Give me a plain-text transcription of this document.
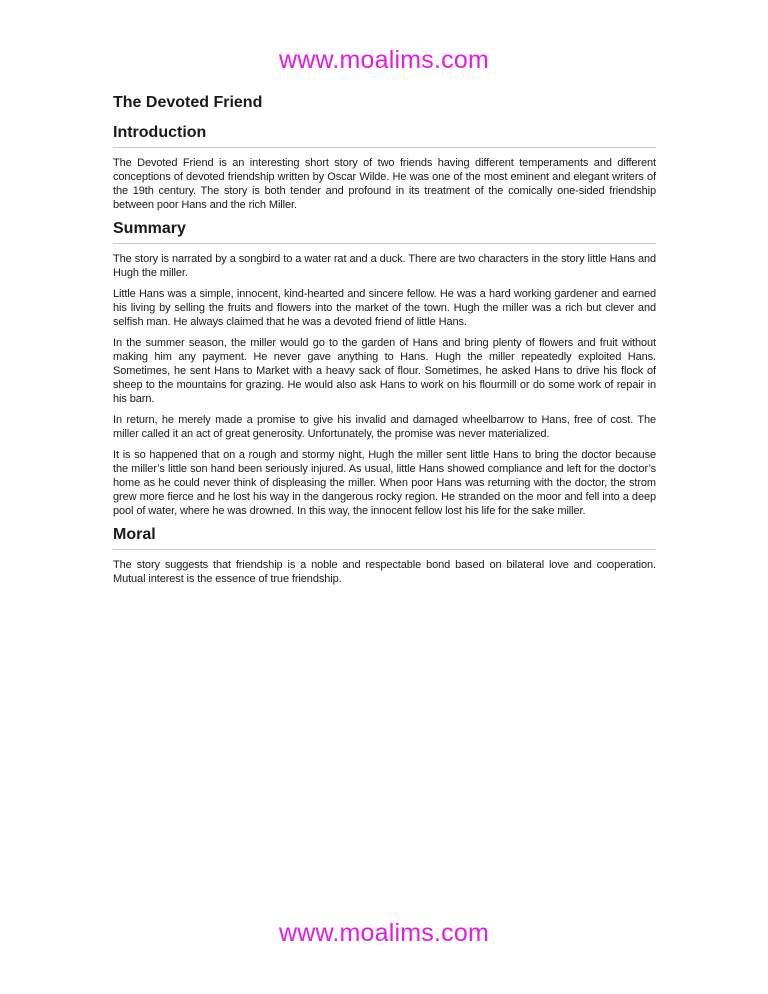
www.moalims.com
The Devoted Friend
Introduction

The Devoted Friend is an interesting short story of two friends having different temperaments and different conceptions of devoted friendship written by Oscar Wilde. He was one of the most eminent and elegant writers of the 19th century. The story is both tender and profound in its treatment of the comically one-sided friendship between poor Hans and the rich Miller.

Summary

The story is narrated by a songbird to a water rat and a duck. There are two characters in the story little Hans and Hugh the miller.

Little Hans was a simple, innocent, kind-hearted and sincere fellow. He was a hard working gardener and earned his living by selling the fruits and flowers into the market of the town. Hugh the miller was a rich but clever and selfish man. He always claimed that he was a devoted friend of little Hans.

In the summer season, the miller would go to the garden of Hans and bring plenty of flowers and fruit without making him any payment. He never gave anything to Hans. Hugh the miller repeatedly exploited Hans. Sometimes, he sent Hans to Market with a heavy sack of flour. Sometimes, he asked Hans to drive his flock of sheep to the mountains for grazing. He would also ask Hans to work on his flourmill or do some work of repair in his barn.

In return, he merely made a promise to give his invalid and damaged wheelbarrow to Hans, free of cost. The miller called it an act of great generosity. Unfortunately, the promise was never materialized.

It is so happened that on a rough and stormy night, Hugh the miller sent little Hans to bring the doctor because the miller’s little son hand been seriously injured. As usual, little Hans showed compliance and left for the doctor’s home as he could never think of displeasing the miller. When poor Hans was returning with the doctor, the strom grew more fierce and he lost his way in the dangerous rocky region. He stranded on the moor and fell into a deep pool of water, where he was drowned. In this way, the innocent fellow lost his life for the sake miller.

Moral

The story suggests that friendship is a noble and respectable bond based on bilateral love and cooperation. Mutual interest is the essence of true friendship.

www.moalims.com
